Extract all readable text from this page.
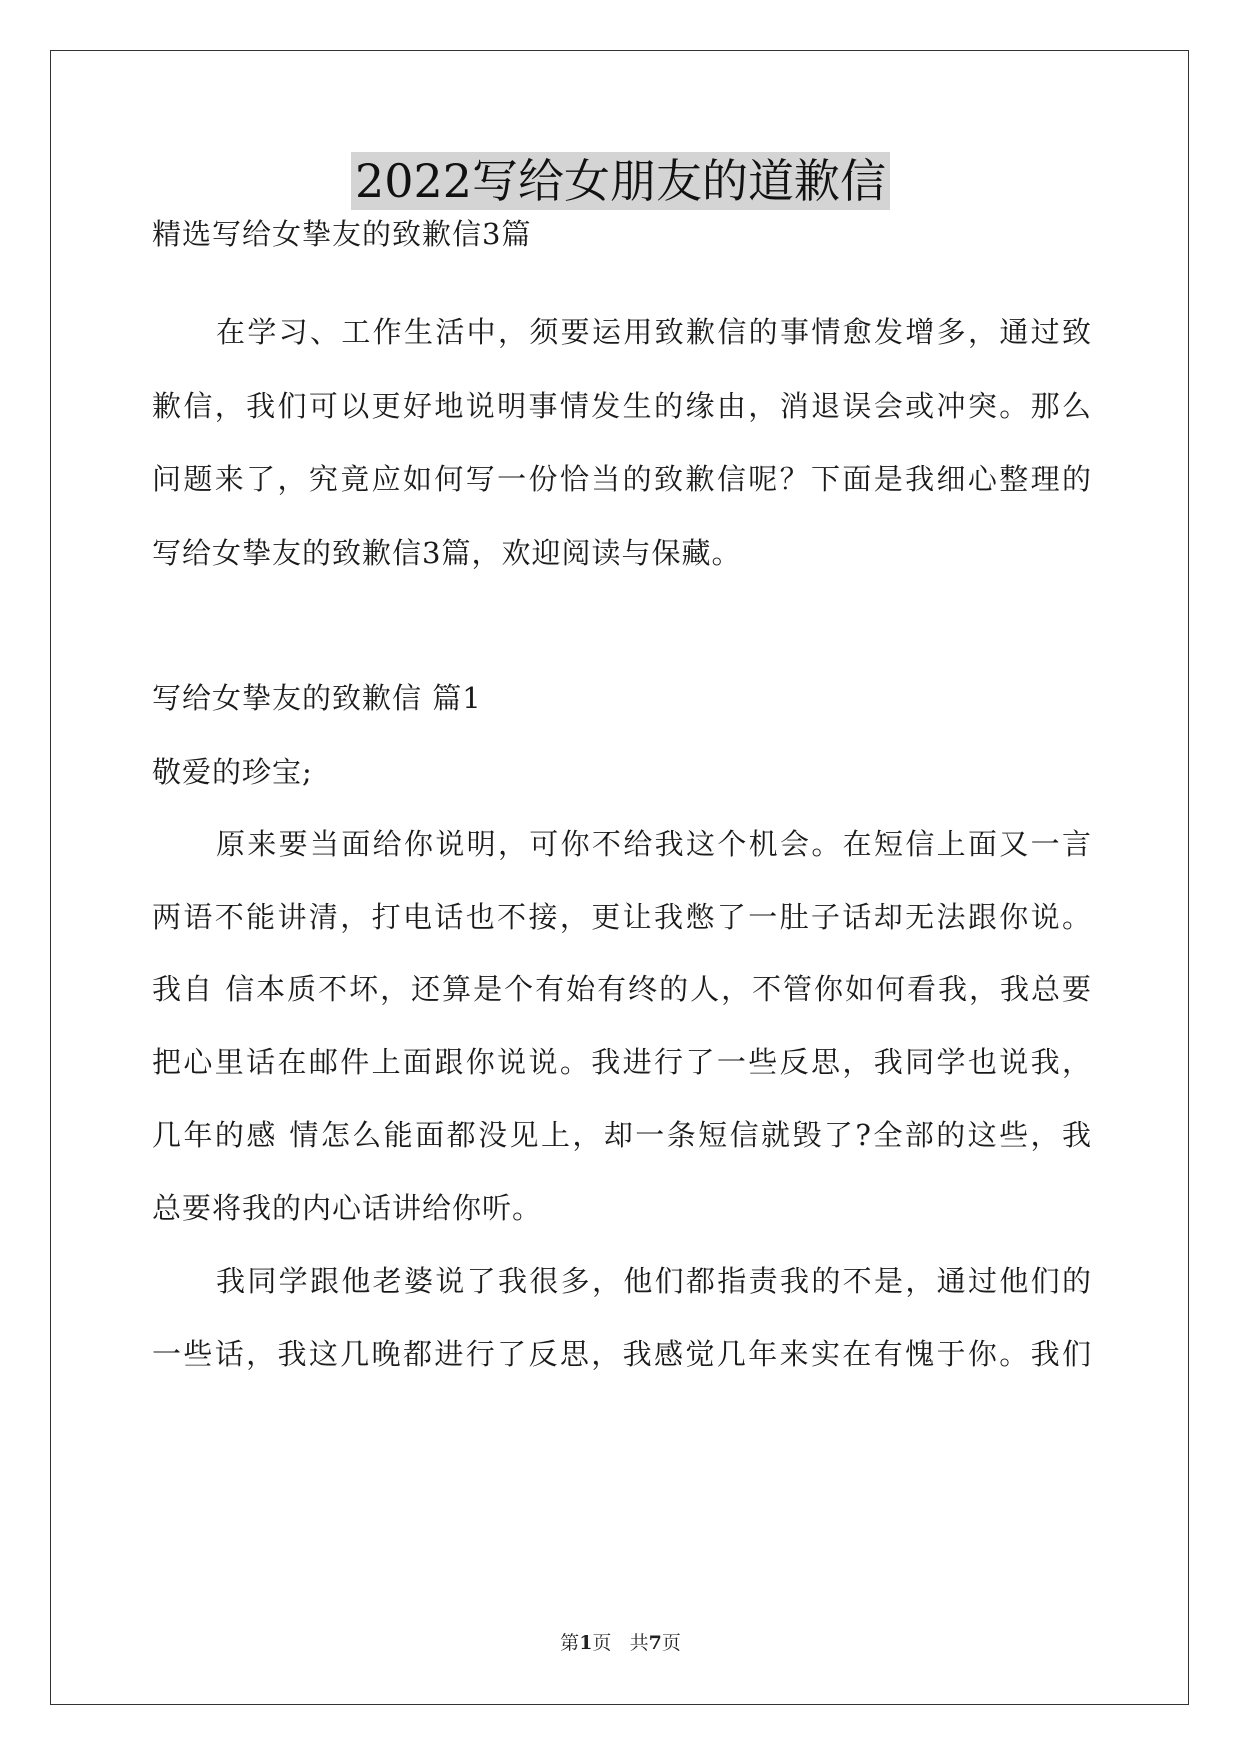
2022写给女朋友的道歉信
精选写给女挚友的致歉信3篇
在学习、工作生活中，须要运用致歉信的事情愈发增多，通过致
歉信，我们可以更好地说明事情发生的缘由，消退误会或冲突。那么
问题来了，究竟应如何写一份恰当的致歉信呢？下面是我细心整理的
写给女挚友的致歉信3篇，欢迎阅读与保藏。
写给女挚友的致歉信 篇1
敬爱的珍宝;
原来要当面给你说明，可你不给我这个机会。在短信上面又一言
两语不能讲清，打电话也不接，更让我憋了一肚子话却无法跟你说。
我自 信本质不坏，还算是个有始有终的人，不管你如何看我，我总要
把心里话在邮件上面跟你说说。我进行了一些反思，我同学也说我，
几年的感 情怎么能面都没见上，却一条短信就毁了?全部的这些，我
总要将我的内心话讲给你听。
我同学跟他老婆说了我很多，他们都指责我的不是，通过他们的
一些话，我这几晚都进行了反思，我感觉几年来实在有愧于你。我们
第1页 共7页
